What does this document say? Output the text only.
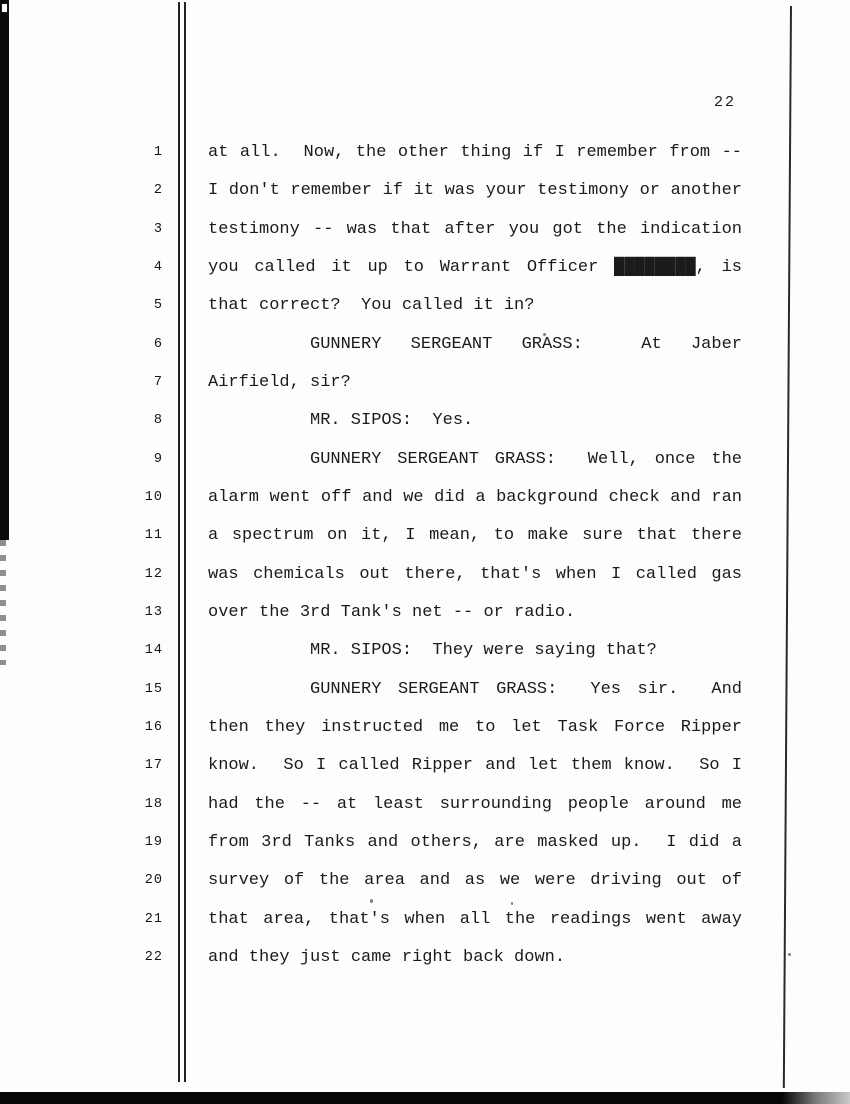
22
1
2
3
4
5
6
7
8
9
10
11
12
13
14
15
16
17
18
19
20
21
22
at all.  Now, the other thing if I remember from --
I don't remember if it was your testimony or another
testimony -- was that after you got the indication
you called it up to Warrant Officer ████████, is
that correct?  You called it in?
GUNNERY  SERGEANT  GRASS:    At  Jaber
Airfield, sir?
MR. SIPOS:  Yes.
GUNNERY SERGEANT GRASS:  Well, once the
alarm went off and we did a background check and ran
a spectrum on it, I mean, to make sure that there
was chemicals out there, that's when I called gas
over the 3rd Tank's net -- or radio.
MR. SIPOS:  They were saying that?
GUNNERY SERGEANT GRASS:  Yes sir.  And
then they instructed me to let Task Force Ripper
know.  So I called Ripper and let them know.  So I
had the -- at least surrounding people around me
from 3rd Tanks and others, are masked up.  I did a
survey of the area and as we were driving out of
that area, that's when all the readings went away
and they just came right back down.
